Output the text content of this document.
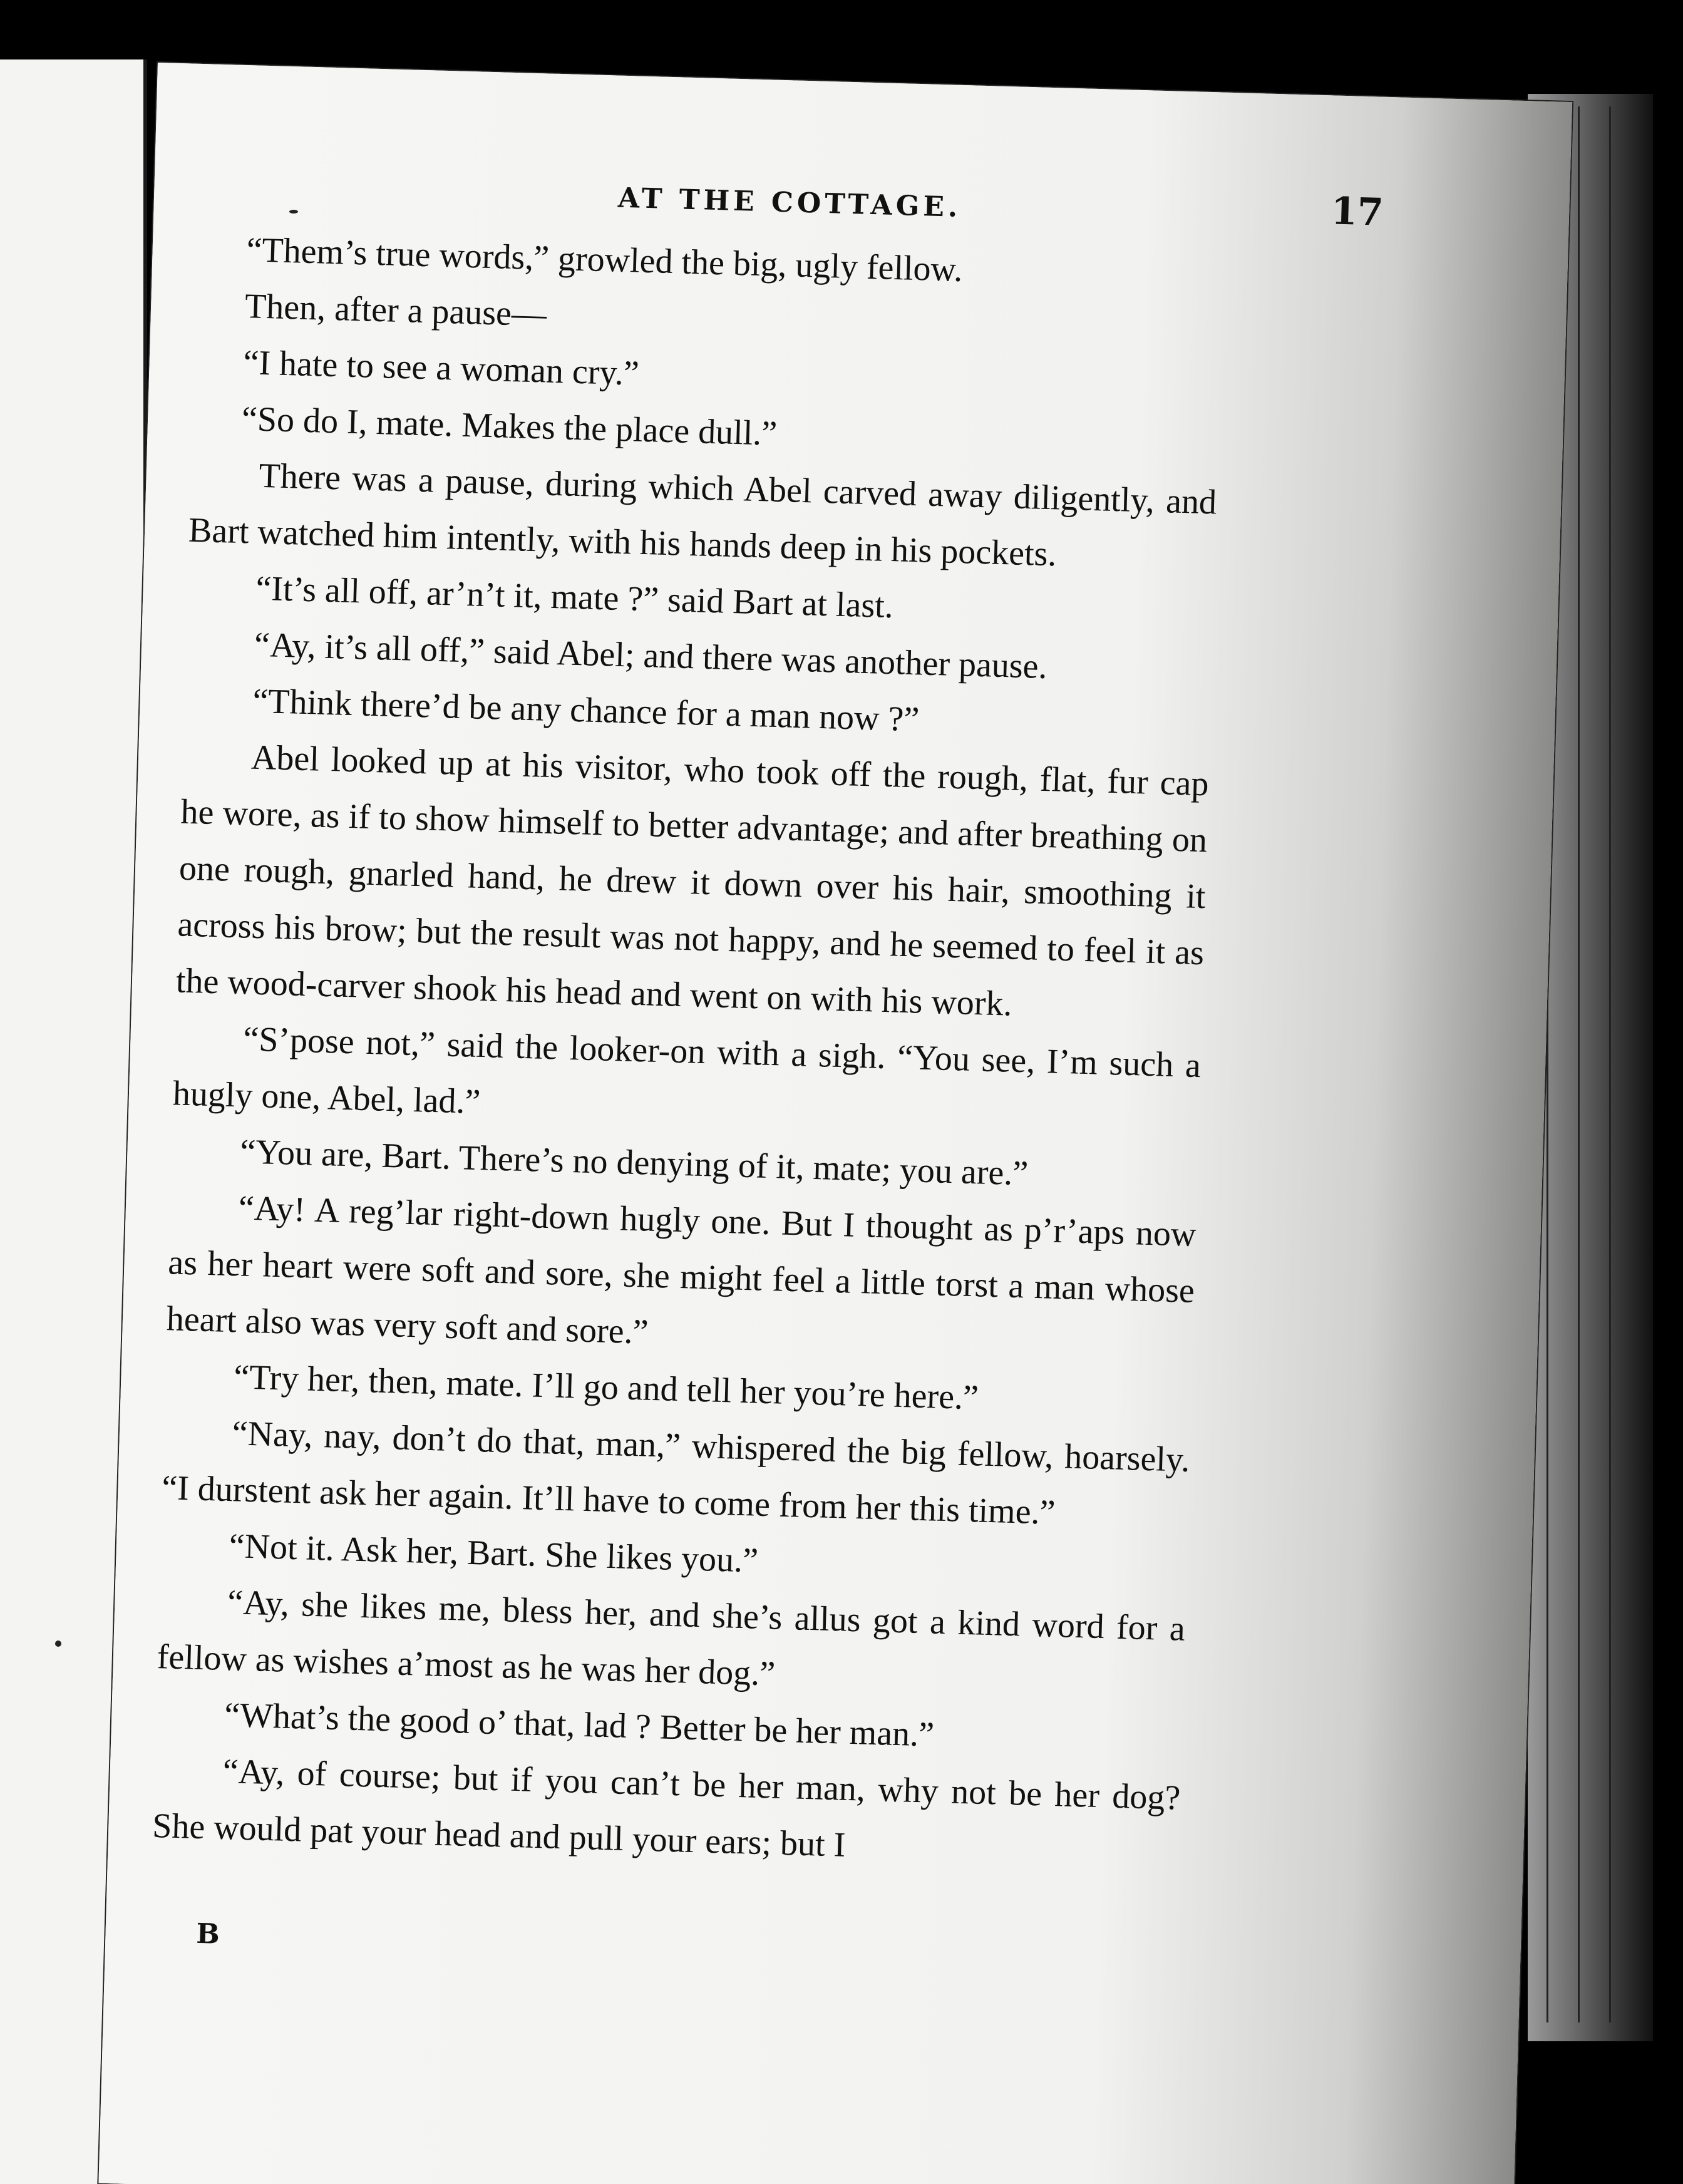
AT THE COTTAGE.	17

“Them’s true words,” growled the big, ugly fellow.

Then, after a pause—

“I hate to see a woman cry.”

“So do I, mate. Makes the place dull.”

There was a pause, during which Abel carved away diligently, and Bart watched him intently, with his hands deep in his pockets.

“It’s all off, ar’n’t it, mate ?” said Bart at last.

“Ay, it’s all off,” said Abel; and there was another pause.

“Think there’d be any chance for a man now ?”

Abel looked up at his visitor, who took off the rough, flat, fur cap he wore, as if to show himself to better advantage; and after breathing on one rough, gnarled hand, he drew it down over his hair, smoothing it across his brow; but the result was not happy, and he seemed to feel it as the wood-carver shook his head and went on with his work.

“S’pose not,” said the looker-on with a sigh. “You see, I’m such a hugly one, Abel, lad.”

“You are, Bart. There’s no denying of it, mate; you are.”

“Ay! A reg’lar right-down hugly one. But I thought as p’r’aps now as her heart were soft and sore, she might feel a little torst a man whose heart also was very soft and sore.”

“Try her, then, mate. I’ll go and tell her you’re here.”

“Nay, nay, don’t do that, man,” whispered the big fellow, hoarsely. “I durstent ask her again. It’ll have to come from her this time.”

“Not it. Ask her, Bart. She likes you.”

“Ay, she likes me, bless her, and she’s allus got a kind word for a fellow as wishes a’most as he was her dog.”

“What’s the good o’ that, lad ? Better be her man.”

“Ay, of course; but if you can’t be her man, why not be her dog? She would pat your head and pull your ears; but I

B
